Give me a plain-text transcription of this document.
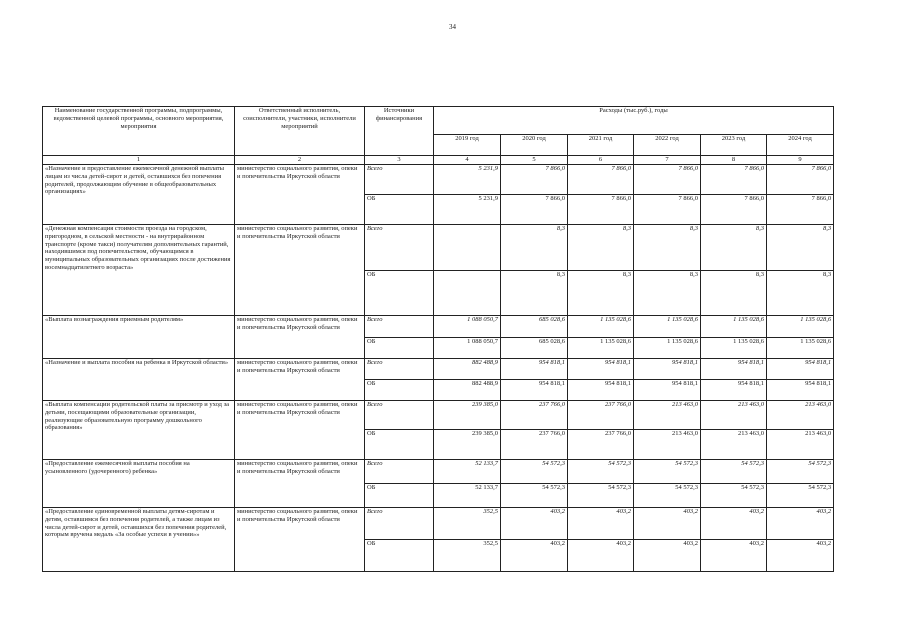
34
Наименование государственной программы, подпрограммы, ведомственной целевой программы, основного мероприятия, мероприятия	Ответственный исполнитель, соисполнители, участники, исполнители мероприятий	Источники финансирования	Расходы (тыс.руб.), годы					
			2019 год	2020 год	2021 год	2022 год	2023 год	2024 год
1	2	3	4	5	6	7	8	9
«Назначение и предоставление ежемесячной денежной выплаты лицам из числа детей-сирот и детей, оставшихся без попечения родителей, продолжающим обучение в общеобразовательных организациях»	министерство социального развития, опеки и попечительства Иркутской области	Всего	5 231,9	7 866,0	7 866,0	7 866,0	7 866,0	7 866,0
		ОБ	5 231,9	7 866,0	7 866,0	7 866,0	7 866,0	7 866,0
«Денежная компенсация стоимости проезда на городском, пригородном, в сельской местности - на внутрирайонном транспорте (кроме такси) получателям дополнительных гарантий, находившимся под попечительством, обучающимся в муниципальных образовательных организациях после достижения восемнадцатилетнего возраста»	министерство социального развития, опеки и попечительства Иркутской области	Всего		8,3	8,3	8,3	8,3	8,3
		ОБ		8,3	8,3	8,3	8,3	8,3
«Выплата вознаграждения приемным родителям»	министерство социального развития, опеки и попечительства Иркутской области	Всего	1 088 050,7	685 028,6	1 135 028,6	1 135 028,6	1 135 028,6	1 135 028,6
		ОБ	1 088 050,7	685 028,6	1 135 028,6	1 135 028,6	1 135 028,6	1 135 028,6
«Назначение и выплата пособия на ребенка в Иркутской области»	министерство социального развития, опеки и попечительства Иркутской области	Всего	882 488,9	954 818,1	954 818,1	954 818,1	954 818,1	954 818,1
		ОБ	882 488,9	954 818,1	954 818,1	954 818,1	954 818,1	954 818,1
«Выплата компенсации родительской платы за присмотр и уход за детьми, посещающими образовательные организации, реализующие образовательную программу дошкольного образования»	министерство социального развития, опеки и попечительства Иркутской области	Всего	239 385,0	237 766,0	237 766,0	213 463,0	213 463,0	213 463,0
		ОБ	239 385,0	237 766,0	237 766,0	213 463,0	213 463,0	213 463,0
«Предоставление ежемесячной выплаты пособия на усыновленного (удочеренного) ребенка»	министерство социального развития, опеки и попечительства Иркутской области	Всего	52 133,7	54 572,3	54 572,3	54 572,3	54 572,3	54 572,3
		ОБ	52 133,7	54 572,3	54 572,3	54 572,3	54 572,3	54 572,3
«Предоставление единовременной выплаты детям-сиротам и детям, оставшимся без попечения родителей, а также лицам из числа детей-сирот и детей, оставшихся без попечения родителей, которым вручена медаль «За особые успехи в учении»»	министерство социального развития, опеки и попечительства Иркутской области	Всего	352,5	403,2	403,2	403,2	403,2	403,2
		ОБ	352,5	403,2	403,2	403,2	403,2	403,2
